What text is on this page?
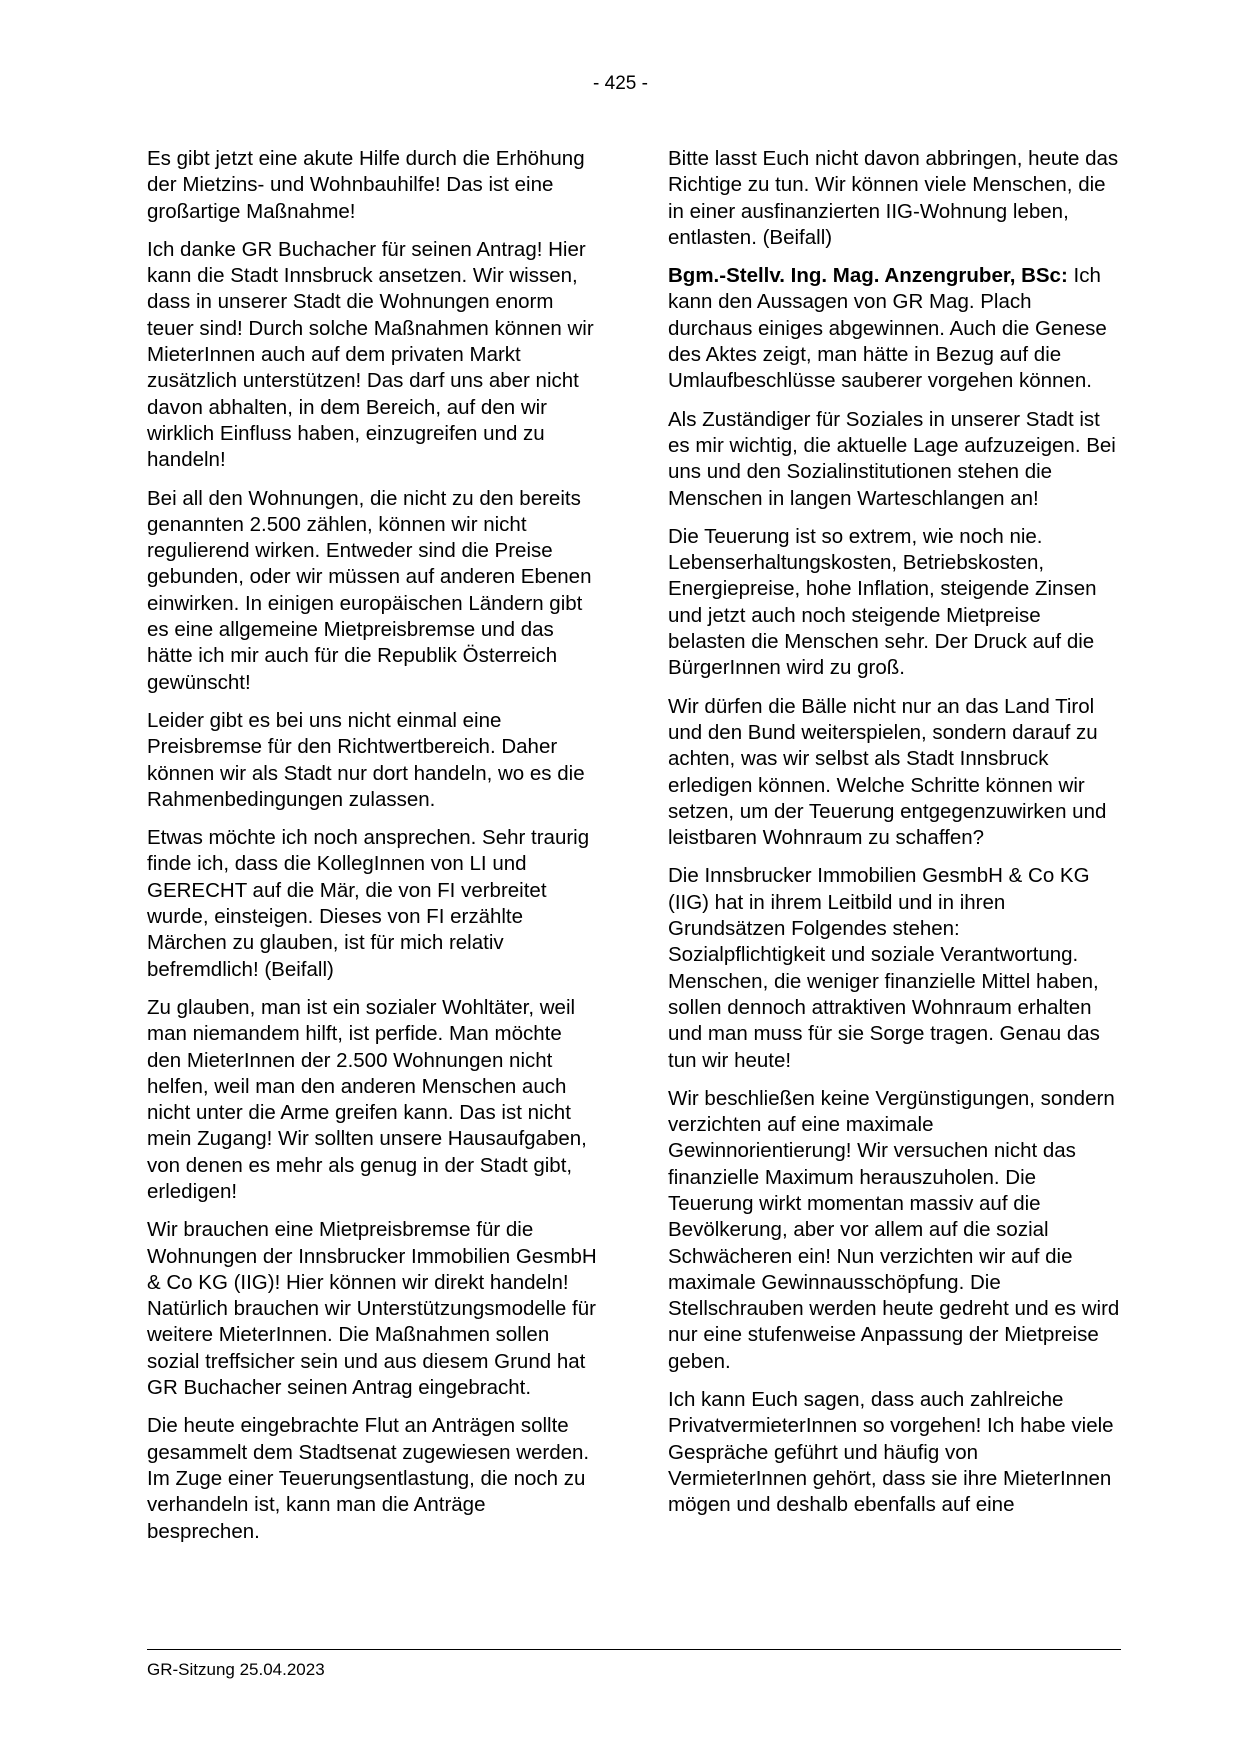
- 425 -

Es gibt jetzt eine akute Hilfe durch die Erhöhung der Mietzins- und Wohnbauhilfe! Das ist eine großartige Maßnahme!

Ich danke GR Buchacher für seinen Antrag! Hier kann die Stadt Innsbruck ansetzen. Wir wissen, dass in unserer Stadt die Wohnungen enorm teuer sind! Durch solche Maßnahmen können wir MieterInnen auch auf dem privaten Markt zusätzlich unterstützen! Das darf uns aber nicht davon abhalten, in dem Bereich, auf den wir wirklich Einfluss haben, einzugreifen und zu handeln!

Bei all den Wohnungen, die nicht zu den bereits genannten 2.500 zählen, können wir nicht regulierend wirken. Entweder sind die Preise gebunden, oder wir müssen auf anderen Ebenen einwirken. In einigen europäischen Ländern gibt es eine allgemeine Mietpreisbremse und das hätte ich mir auch für die Republik Österreich gewünscht!

Leider gibt es bei uns nicht einmal eine Preisbremse für den Richtwertbereich. Daher können wir als Stadt nur dort handeln, wo es die Rahmenbedingungen zulassen.

Etwas möchte ich noch ansprechen. Sehr traurig finde ich, dass die KollegInnen von LI und GERECHT auf die Mär, die von FI verbreitet wurde, einsteigen. Dieses von FI erzählte Märchen zu glauben, ist für mich relativ befremdlich! (Beifall)

Zu glauben, man ist ein sozialer Wohltäter, weil man niemandem hilft, ist perfide. Man möchte den MieterInnen der 2.500 Wohnungen nicht helfen, weil man den anderen Menschen auch nicht unter die Arme greifen kann. Das ist nicht mein Zugang! Wir sollten unsere Hausaufgaben, von denen es mehr als genug in der Stadt gibt, erledigen!

Wir brauchen eine Mietpreisbremse für die Wohnungen der Innsbrucker Immobilien GesmbH & Co KG (IIG)! Hier können wir direkt handeln! Natürlich brauchen wir Unterstützungsmodelle für weitere MieterInnen. Die Maßnahmen sollen sozial treffsicher sein und aus diesem Grund hat GR Buchacher seinen Antrag eingebracht.

Die heute eingebrachte Flut an Anträgen sollte gesammelt dem Stadtsenat zugewiesen werden. Im Zuge einer Teuerungsentlastung, die noch zu verhandeln ist, kann man die Anträge besprechen.

Bitte lasst Euch nicht davon abbringen, heute das Richtige zu tun. Wir können viele Menschen, die in einer ausfinanzierten IIG-Wohnung leben, entlasten. (Beifall)

Bgm.-Stellv. Ing. Mag. Anzengruber, BSc: Ich kann den Aussagen von GR Mag. Plach durchaus einiges abgewinnen. Auch die Genese des Aktes zeigt, man hätte in Bezug auf die Umlaufbeschlüsse sauberer vorgehen können.

Als Zuständiger für Soziales in unserer Stadt ist es mir wichtig, die aktuelle Lage aufzuzeigen. Bei uns und den Sozialinstitutionen stehen die Menschen in langen Warteschlangen an!

Die Teuerung ist so extrem, wie noch nie. Lebenserhaltungskosten, Betriebskosten, Energiepreise, hohe Inflation, steigende Zinsen und jetzt auch noch steigende Mietpreise belasten die Menschen sehr. Der Druck auf die BürgerInnen wird zu groß.

Wir dürfen die Bälle nicht nur an das Land Tirol und den Bund weiterspielen, sondern darauf zu achten, was wir selbst als Stadt Innsbruck erledigen können. Welche Schritte können wir setzen, um der Teuerung entgegenzuwirken und leistbaren Wohnraum zu schaffen?

Die Innsbrucker Immobilien GesmbH & Co KG (IIG) hat in ihrem Leitbild und in ihren Grundsätzen Folgendes stehen: Sozialpflichtigkeit und soziale Verantwortung. Menschen, die weniger finanzielle Mittel haben, sollen dennoch attraktiven Wohnraum erhalten und man muss für sie Sorge tragen. Genau das tun wir heute!

Wir beschließen keine Vergünstigungen, sondern verzichten auf eine maximale Gewinnorientierung! Wir versuchen nicht das finanzielle Maximum herauszuholen. Die Teuerung wirkt momentan massiv auf die Bevölkerung, aber vor allem auf die sozial Schwächeren ein! Nun verzichten wir auf die maximale Gewinnausschöpfung. Die Stellschrauben werden heute gedreht und es wird nur eine stufenweise Anpassung der Mietpreise geben.

Ich kann Euch sagen, dass auch zahlreiche PrivatvermieterInnen so vorgehen! Ich habe viele Gespräche geführt und häufig von VermieterInnen gehört, dass sie ihre MieterInnen mögen und deshalb ebenfalls auf eine

GR-Sitzung 25.04.2023
